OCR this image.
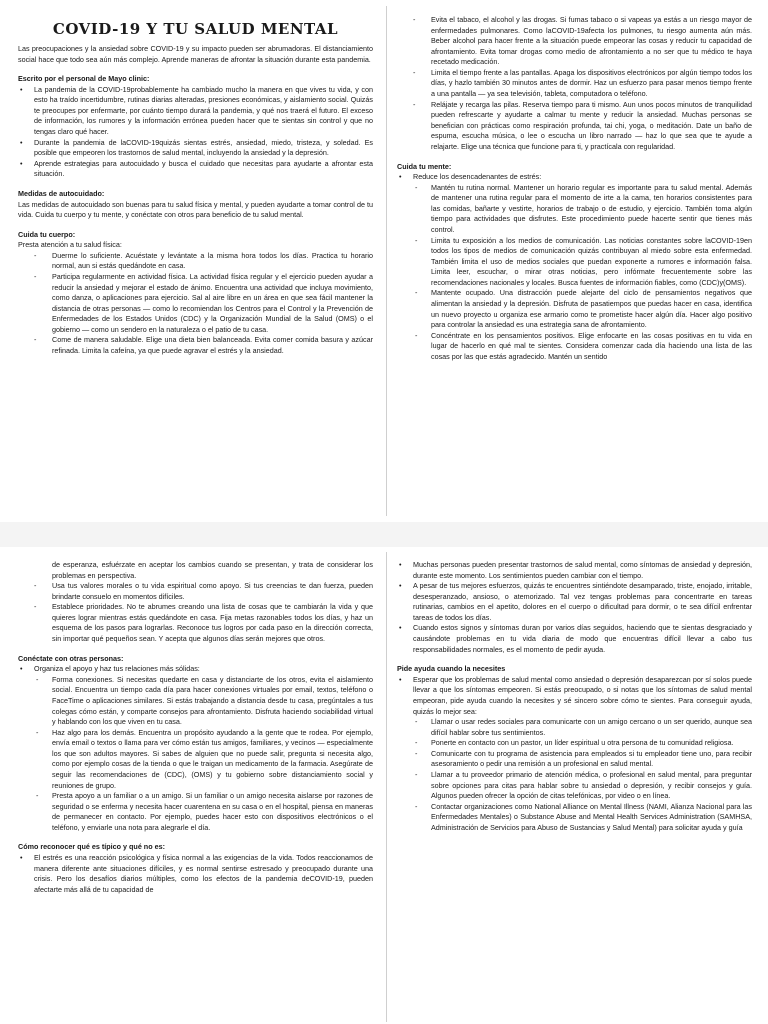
COVID-19 Y TU SALUD MENTAL

Las preocupaciones y la ansiedad sobre COVID-19 y su impacto pueden ser abrumadoras. El distanciamiento social hace que todo sea aún más complejo. Aprende maneras de afrontar la situación durante esta pandemia.

Escrito por el personal de Mayo clinic:

• La pandemia de la COVID-19probablemente ha cambiado mucho la manera en que vives tu vida, y con esto ha traído incertidumbre, rutinas diarias alteradas, presiones económicas, y aislamiento social. Quizás te preocupes por enfermarte, por cuánto tiempo durará la pandemia, y qué nos traerá el futuro. El exceso de información, los rumores y la información errónea pueden hacer que te sientas sin control y que no tengas claro qué hacer.
• Durante la pandemia de laCOVID-19quizás sientas estrés, ansiedad, miedo, tristeza, y soledad. Es posible que empeoren los trastornos de salud mental, incluyendo la ansiedad y la depresión.
• Aprende estrategias para autocuidado y busca el cuidado que necesitas para ayudarte a afrontar esta situación.

Medidas de autocuidado:

Las medidas de autocuidado son buenas para tu salud física y mental, y pueden ayudarte a tomar control de tu vida. Cuida tu cuerpo y tu mente, y conéctate con otros para beneficio de tu salud mental.

Cuida tu cuerpo:

Presta atención a tu salud física:

- Duerme lo suficiente. Acuéstate y levántate a la misma hora todos los días. Practica tu horario normal, aun si estás quedándote en casa.
- Participa regularmente en actividad física. La actividad física regular y el ejercicio pueden ayudar a reducir la ansiedad y mejorar el estado de ánimo. Encuentra una actividad que incluya movimiento, como danza, o aplicaciones para ejercicio. Sal al aire libre en un área en que sea fácil mantener la distancia de otras personas — como lo recomiendan los Centros para el Control y la Prevención de Enfermedades de los Estados Unidos (CDC) y la Organización Mundial de la Salud (OMS) o el gobierno — como un sendero en la naturaleza o el patio de tu casa.
- Come de manera saludable. Elige una dieta bien balanceada. Evita comer comida basura y azúcar refinada. Limita la cafeína, ya que puede agravar el estrés y la ansiedad.
- Evita el tabaco, el alcohol y las drogas. Si fumas tabaco o si vapeas ya estás a un riesgo mayor de enfermedades pulmonares. Como laCOVID-19afecta los pulmones, tu riesgo aumenta aún más. Beber alcohol para hacer frente a la situación puede empeorar las cosas y reducir tu capacidad de afrontamiento. Evita tomar drogas como medio de afrontamiento a no ser que tu médico te haya recetado medicación.
- Limita el tiempo frente a las pantallas. Apaga los dispositivos electrónicos por algún tiempo todos los días, y hazlo también 30 minutos antes de dormir. Haz un esfuerzo para pasar menos tiempo frente a una pantalla — ya sea televisión, tableta, computadora o teléfono.
- Relájate y recarga las pilas. Reserva tiempo para ti mismo. Aun unos pocos minutos de tranquilidad pueden refrescarte y ayudarte a calmar tu mente y reducir la ansiedad. Muchas personas se benefician con prácticas como respiración profunda, tai chi, yoga, o meditación. Date un baño de espuma, escucha música, o lee o escucha un libro narrado — haz lo que sea que te ayude a relajarte. Elige una técnica que funcione para ti, y practícala con regularidad.

Cuida tu mente:

• Reduce los desencadenantes de estrés:
- Mantén tu rutina normal. Mantener un horario regular es importante para tu salud mental. Además de mantener una rutina regular para el momento de irte a la cama, ten horarios consistentes para las comidas, bañarte y vestirte, horarios de trabajo o de estudio, y ejercicio. También toma algún tiempo para actividades que disfrutes. Este procedimiento puede hacerte sentir que tienes más control.
- Limita tu exposición a los medios de comunicación. Las noticias constantes sobre laCOVID-19en todos los tipos de medios de comunicación quizás contribuyan al miedo sobre esta enfermedad. También limita el uso de medios sociales que puedan exponerte a rumores e información falsa. Limita leer, escuchar, o mirar otras noticias, pero infórmate frecuentemente sobre las recomendaciones nacionales y locales. Busca fuentes de información fiables, como (CDC)y(OMS).
- Mantente ocupado. Una distracción puede alejarte del ciclo de pensamientos negativos que alimentan la ansiedad y la depresión. Disfruta de pasatiempos que puedas hacer en casa, identifica un nuevo proyecto u organiza ese armario como te prometiste hacer algún día. Hacer algo positivo para controlar la ansiedad es una estrategia sana de afrontamiento.
- Concéntrate en los pensamientos positivos. Elige enfocarte en las cosas positivas en tu vida en lugar de hacerlo en qué mal te sientes. Considera comenzar cada día haciendo una lista de las cosas por las que estás agradecido. Mantén un sentido

de esperanza, esfuérzate en aceptar los cambios cuando se presentan, y trata de considerar los problemas en perspectiva.

- Usa tus valores morales o tu vida espiritual como apoyo. Si tus creencias te dan fuerza, pueden brindarte consuelo en momentos difíciles.
- Establece prioridades. No te abrumes creando una lista de cosas que te cambiarán la vida y que quieres lograr mientras estás quedándote en casa. Fija metas razonables todos los días, y haz un esquema de los pasos para lograrlas. Reconoce tus logros por cada paso en la dirección correcta, sin importar qué pequeños sean. Y acepta que algunos días serán mejores que otros.

Conéctate con otras personas:

• Organiza el apoyo y haz tus relaciones más sólidas:
- Forma conexiones. Si necesitas quedarte en casa y distanciarte de los otros, evita el aislamiento social. Encuentra un tiempo cada día para hacer conexiones virtuales por email, textos, teléfono o FaceTime o aplicaciones similares. Si estás trabajando a distancia desde tu casa, pregúntales a tus colegas cómo están, y comparte consejos para afrontamiento. Disfruta haciendo sociabilidad virtual y hablando con los que viven en tu casa.
- Haz algo para los demás. Encuentra un propósito ayudando a la gente que te rodea. Por ejemplo, envía email o textos o llama para ver cómo están tus amigos, familiares, y vecinos — especialmente los que son adultos mayores. Si sabes de alguien que no puede salir, pregunta si necesita algo, como por ejemplo cosas de la tienda o que le traigan un medicamento de la farmacia. Asegúrate de seguir las recomendaciones de (CDC), (OMS) y tu gobierno sobre distanciamiento social y reuniones de grupo.
- Presta apoyo a un familiar o a un amigo. Si un familiar o un amigo necesita aislarse por razones de seguridad o se enferma y necesita hacer cuarentena en su casa o en el hospital, piensa en maneras de permanecer en contacto. Por ejemplo, puedes hacer esto con dispositivos electrónicos o el teléfono, y enviarle una nota para alegrarle el día.

Cómo reconocer qué es típico y qué no es:

• El estrés es una reacción psicológica y física normal a las exigencias de la vida. Todos reaccionamos de manera diferente ante situaciones difíciles, y es normal sentirse estresado y preocupado durante una crisis. Pero los desafíos diarios múltiples, como los efectos de la pandemia deCOVID-19, pueden afectarte más allá de tu capacidad de
• Muchas personas pueden presentar trastornos de salud mental, como síntomas de ansiedad y depresión, durante este momento. Los sentimientos pueden cambiar con el tiempo.
• A pesar de tus mejores esfuerzos, quizás te encuentres sintiéndote desamparado, triste, enojado, irritable, desesperanzado, ansioso, o atemorizado. Tal vez tengas problemas para concentrarte en tareas rutinarias, cambios en el apetito, dolores en el cuerpo o dificultad para dormir, o te sea difícil enfrentar tareas de todos los días.
• Cuando estos signos y síntomas duran por varios días seguidos, haciendo que te sientas desgraciado y causándote problemas en tu vida diaria de modo que encuentras difícil llevar a cabo tus responsabilidades normales, es el momento de pedir ayuda.

Pide ayuda cuando la necesites

• Esperar que los problemas de salud mental como ansiedad o depresión desaparezcan por sí solos puede llevar a que los síntomas empeoren. Si estás preocupado, o si notas que los síntomas de salud mental empeoran, pide ayuda cuando la necesites y sé sincero sobre cómo te sientes. Para conseguir ayuda, quizás lo mejor sea:
- Llamar o usar redes sociales para comunicarte con un amigo cercano o un ser querido, aunque sea difícil hablar sobre tus sentimientos.
- Ponerte en contacto con un pastor, un líder espiritual u otra persona de tu comunidad religiosa.
- Comunicarte con tu programa de asistencia para empleados si tu empleador tiene uno, para recibir asesoramiento o pedir una remisión a un profesional en salud mental.
- Llamar a tu proveedor primario de atención médica, o profesional en salud mental, para preguntar sobre opciones para citas para hablar sobre tu ansiedad o depresión, y recibir consejos y guía. Algunos pueden ofrecer la opción de citas telefónicas, por video o en línea.
- Contactar organizaciones como National Alliance on Mental Illness (NAMI, Alianza Nacional para las Enfermedades Mentales) o Substance Abuse and Mental Health Services Administration (SAMHSA, Administración de Servicios para Abuso de Sustancias y Salud Mental) para solicitar ayuda y guía
